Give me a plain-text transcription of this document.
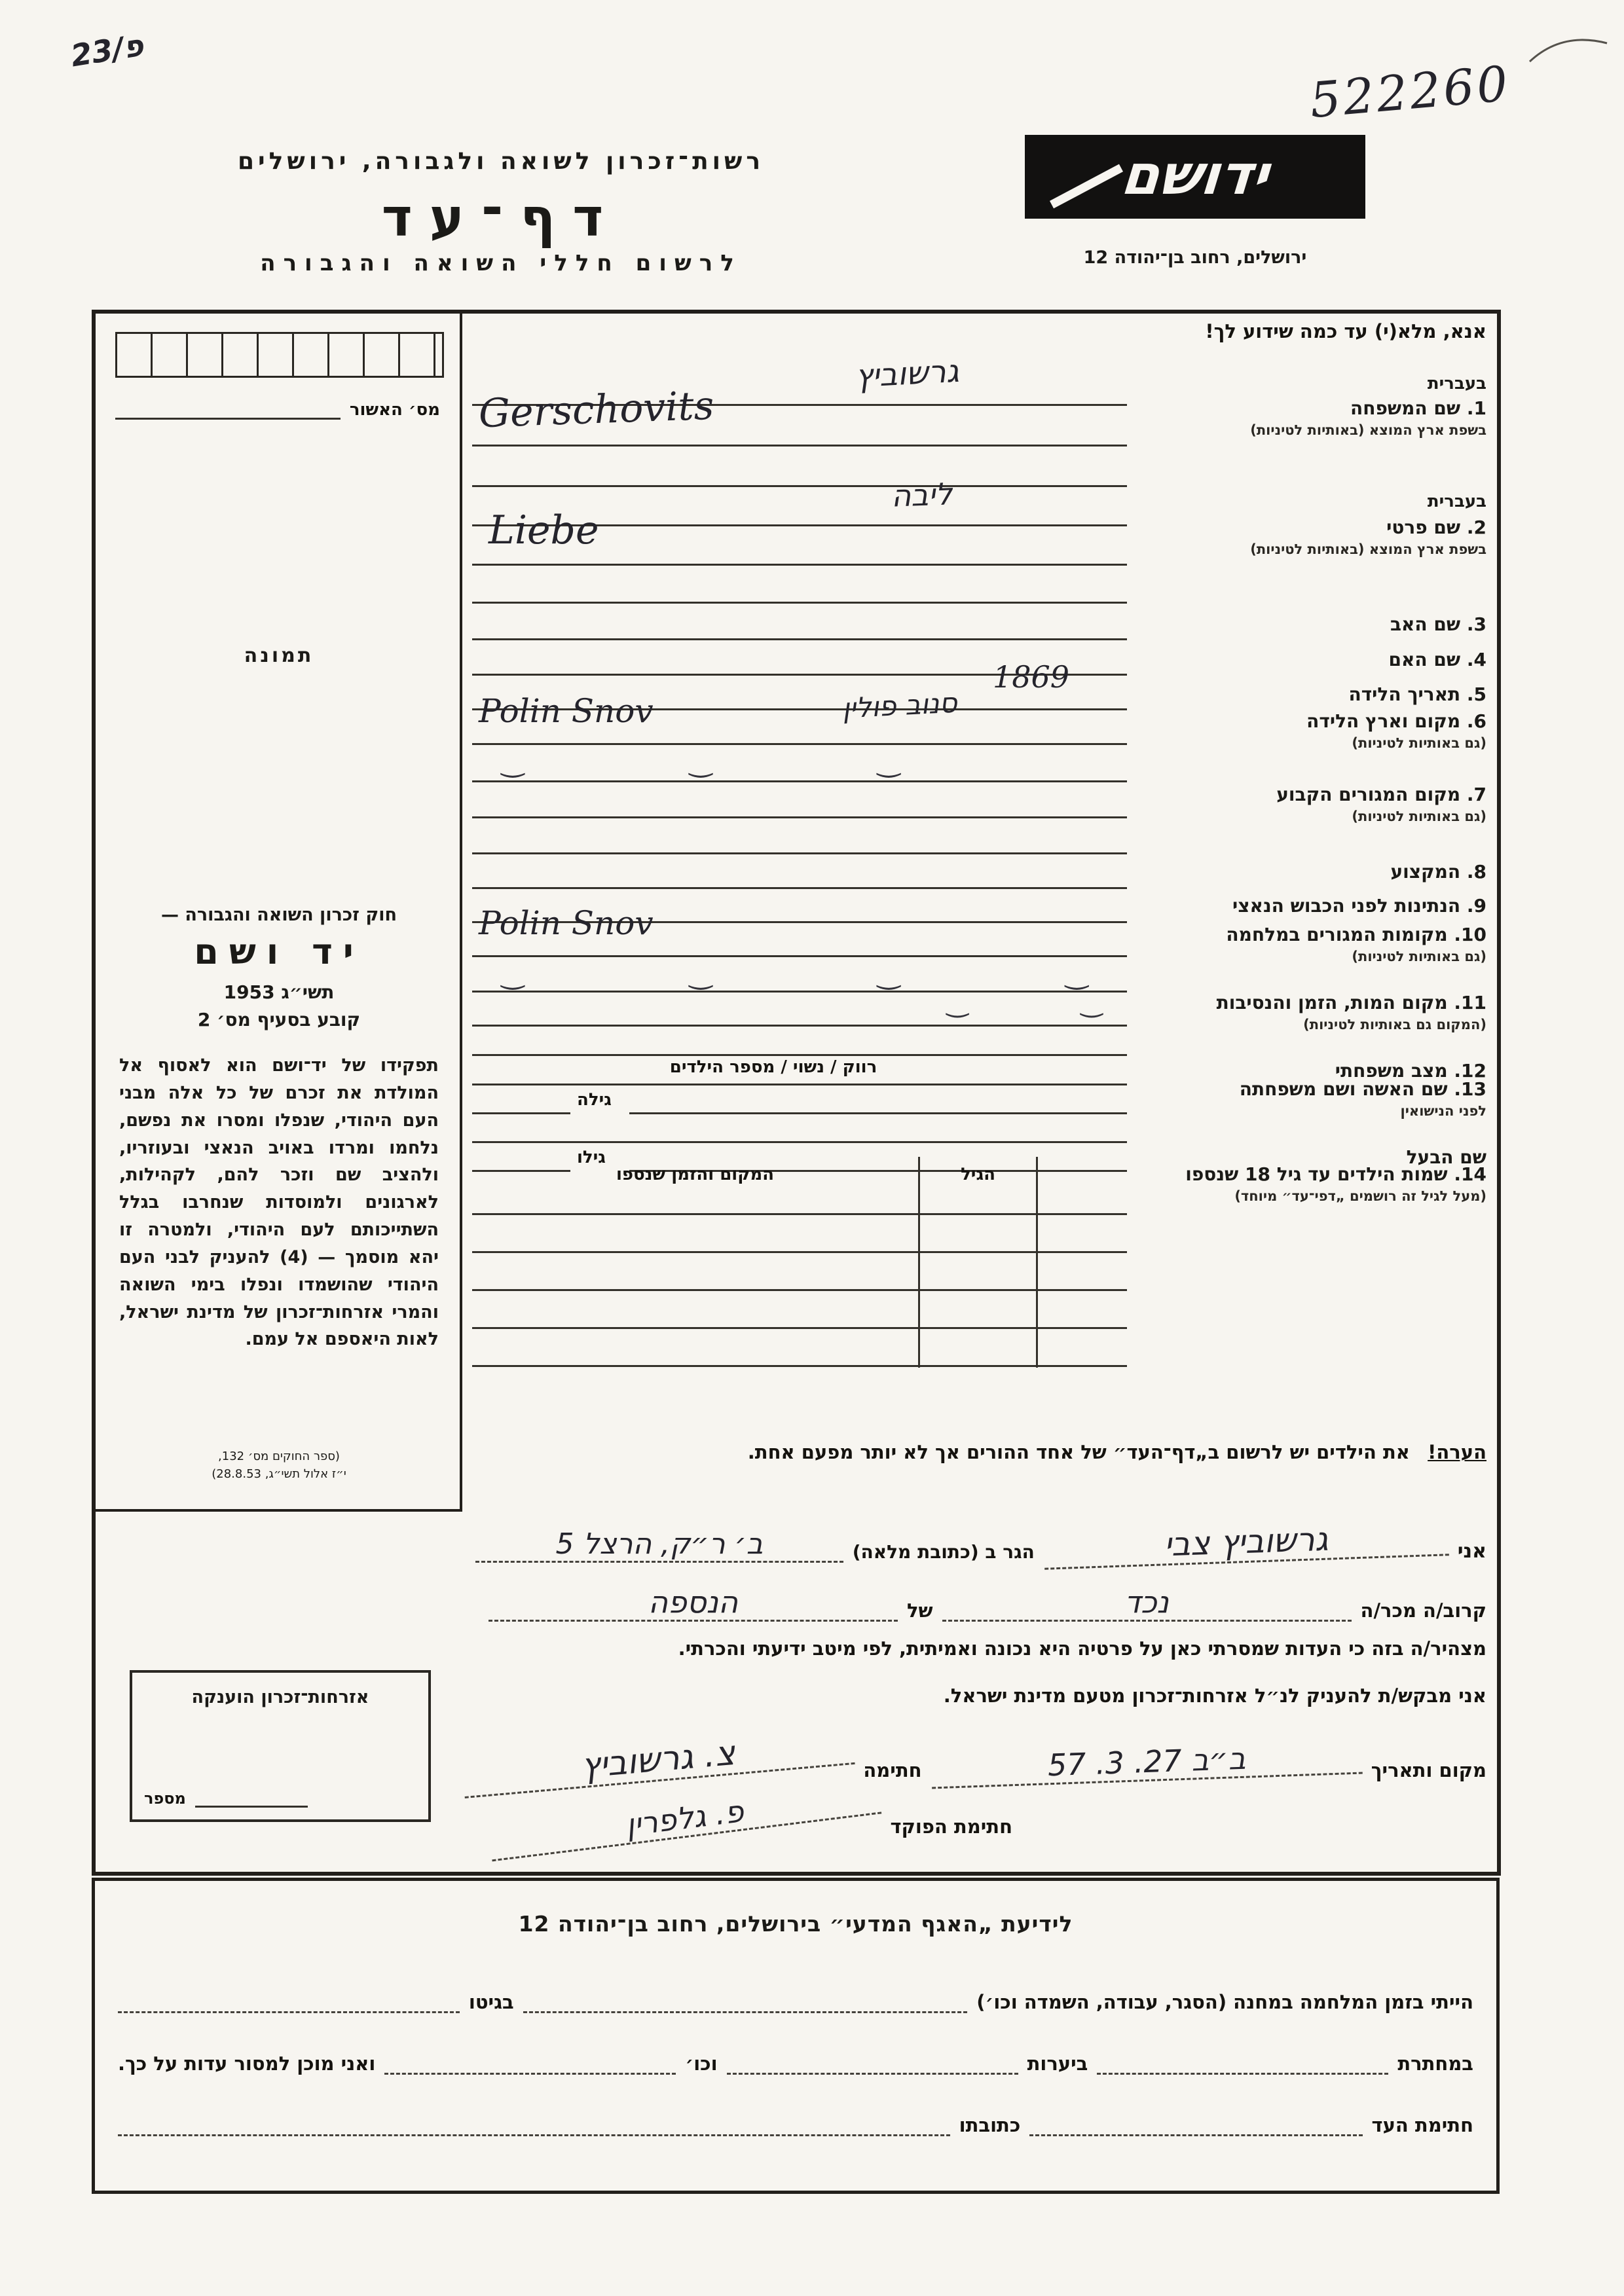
פ/23
522260
רשות־זכרון לשואה ולגבורה, ירושלים
דף־עד
לרשום חללי השואה והגבורה
ידושם
ירושלים, רחוב בן־יהודה 12
אנא, מלא(י) עד כמה שידוע לך!
מס׳ האשור
תמונה
חוק זכרון השואה והגבורה —
יד ושם
תשי״ג 1953
קובע בסעיף מס׳ 2
תפקידו של יד־ושם הוא לאסוף אל המולדת את זכרם של כל אלה מבני העם היהודי, שנפלו ומסרו את נפשם, נלחמו ומרדו באויב הנאצי ובעוזריו, ולהציב שם וזכר להם, לקהילות, לארגונים ולמוסדות שנחרבו בגלל השתייכותם לעם היהודי, ולמטרה זו יהא מוסמך — (4) להעניק לבני העם היהודי שהושמדו ונפלו בימי השואה והמרי אזרחות־זכרון של מדינת ישראל, לאות היאספם אל עמם.
(ספר החוקים מס׳ 132,
י״ז אלול תשי״ג, 28.8.53)
בעברית
1. שם המשפחה
בשפת ארץ המוצא (באותיות לטיניות)
בעברית
2. שם פרטי
בשפת ארץ המוצא (באותיות לטיניות)
3. שם האב
4. שם האם
5. תאריך הלידה
6. מקום וארץ הלידה
(גם באותיות לטיניות)
7. מקום המגורים הקבוע
(גם באותיות לטיניות)
8. המקצוע
9. הנתינות לפני הכבוש הנאצי
10. מקומות המגורים במלחמה
(גם באותיות לטיניות)
11. מקום המות, הזמן והנסיבות
(המקום גם באותיות לטיניות)
12. מצב משפחתי
13. שם האשה ושם משפחתה
לפני הנישואין
שם הבעל
14. שמות הילדים עד גיל 18 שנספו
(מעל לגיל זה רושמים „דפי־עד״ מיוחד)
גילה
גילו
רווק / נשוי / מספר הילדים
גרשוביץ
Gerschovits
ליבה
Liebe
1869
Polin Snov	סנוב פולין
‿ ‿ ‿
Polin Snov
‿ ‿ ‿ ‿
‿ ‿
הגיל
המקום והזמן שנספו
הערה! את הילדים יש לרשום ב„דף־העד״ של אחד ההורים אך לא יותר מפעם אחת.
אני
גרשוביץ צבי
הגר ב (כתובת מלאה)
ב׳ ר״ק, הרצל 5
קרוב/ה מכר/ה
נכד
של
הנספה
מצהיר/ה בזה כי העדות שמסרתי כאן על פרטיה היא נכונה ואמיתית, לפי מיטב ידיעתי והכרתי.
אני מבקש/ת להעניק לנ״ל אזרחות־זכרון מטעם מדינת ישראל.
מקום ותאריך
ב״ב 27. 3. 57
חתימה
צ. גרשוביץ
חתימת הפוקד
פ. גלפרין
אזרחות־זכרון הוענקה
מספר
לידיעת „האגף המדעי״ בירושלים, רחוב בן־יהודה 12
הייתי בזמן המלחמה במחנה (הסגר, עבודה, השמדה וכו׳)
בגיטו
במחתרת
ביערות
וכו׳
ואני מוכן למסור עדות על כך.
חתימת העד
כתובתו
